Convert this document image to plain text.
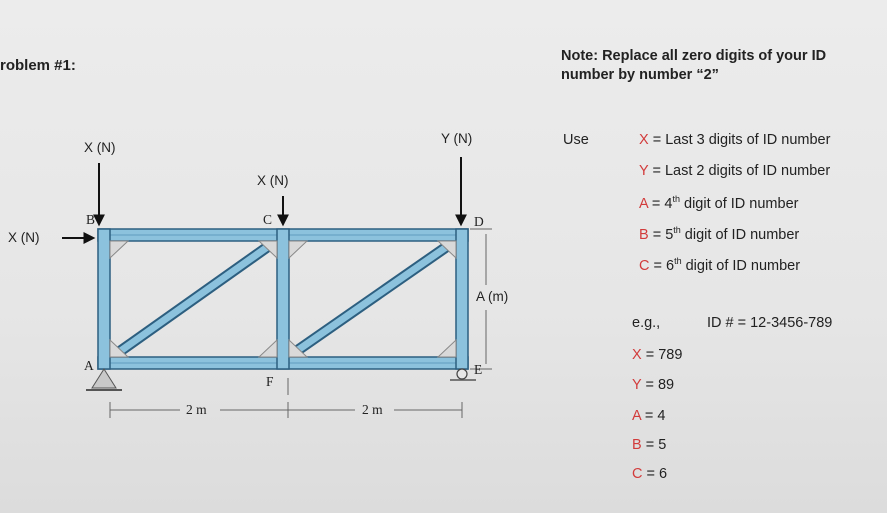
roblem #1:
Note: Replace all zero digits of your ID
number by number “2”
Use	X = Last 3 digits of ID number
Y = Last 2 digits of ID number
A = 4th digit of ID number
B = 5th digit of ID number
C = 6th digit of ID number
e.g.,	ID # = 12-3456-789
X = 789
Y = 89
A = 4
B = 5
C = 6
X (N)
X (N)
X (N)
Y (N)
A (m)
2 m	2 m
B	C	D
A	E
F
